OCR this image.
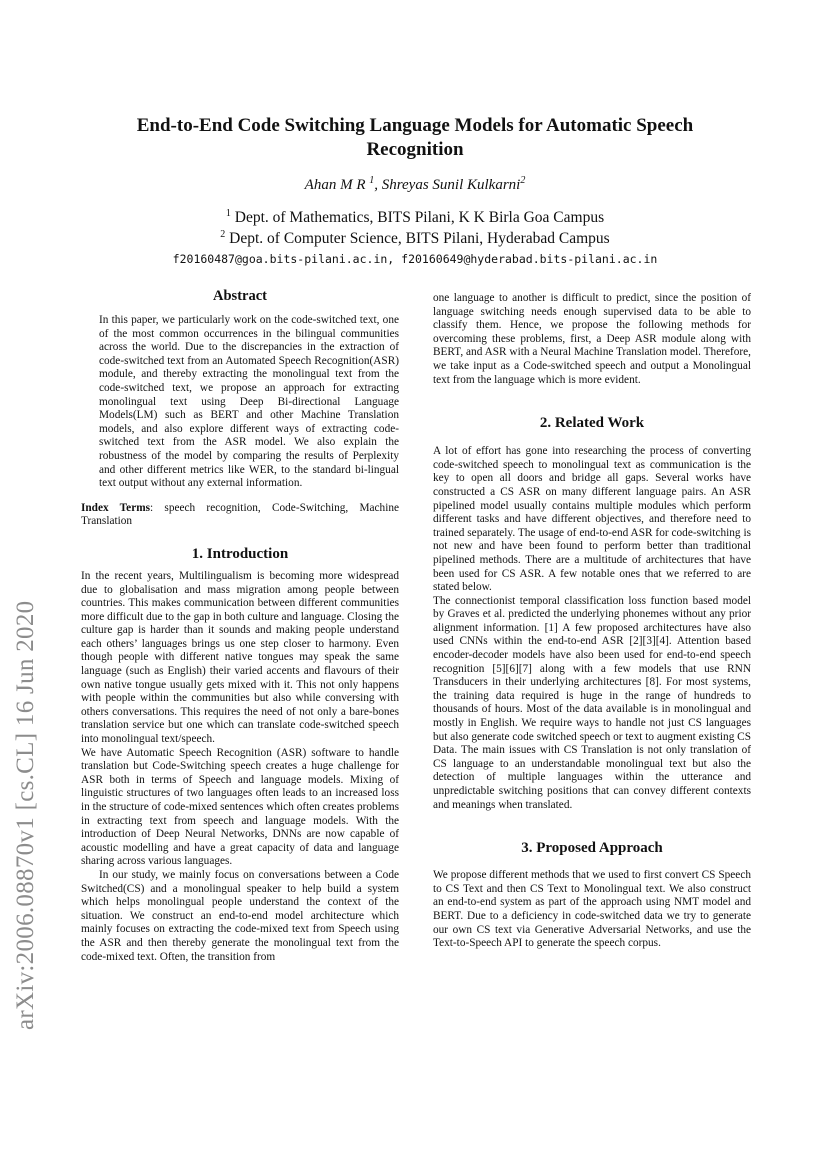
arXiv:2006.08870v1 [cs.CL] 16 Jun 2020
End-to-End Code Switching Language Models for Automatic Speech Recognition
Ahan M R $^1$, Shreyas Sunil Kulkarni$^2$
$^1$ Dept. of Mathematics, BITS Pilani, K K Birla Goa Campus
$^2$ Dept. of Computer Science, BITS Pilani, Hyderabad Campus
f20160487@goa.bits-pilani.ac.in, f20160649@hyderabad.bits-pilani.ac.in
Abstract

In this paper, we particularly work on the code-switched text, one of the most common occurrences in the bilingual communities across the world. Due to the discrepancies in the extraction of code-switched text from an Automated Speech Recognition(ASR) module, and thereby extracting the monolingual text from the code-switched text, we propose an approach for extracting monolingual text using Deep Bi-directional Language Models(LM) such as BERT and other Machine Translation models, and also explore different ways of extracting code-switched text from the ASR model. We also explain the robustness of the model by comparing the results of Perplexity and other different metrics like WER, to the standard bi-lingual text output without any external information.

Index Terms: speech recognition, Code-Switching, Machine Translation

1. Introduction

In the recent years, Multilingualism is becoming more widespread due to globalisation and mass migration among people between countries. This makes communication between different communities more difficult due to the gap in both culture and language. Closing the culture gap is harder than it sounds and making people understand each others’ languages brings us one step closer to harmony. Even though people with different native tongues may speak the same language (such as English) their varied accents and flavours of their own native tongue usually gets mixed with it. This not only happens with people within the communities but also while conversing with others conversations. This requires the need of not only a bare-bones translation service but one which can translate code-switched speech into monolingual text/speech.

We have Automatic Speech Recognition (ASR) software to handle translation but Code-Switching speech creates a huge challenge for ASR both in terms of Speech and language models. Mixing of linguistic structures of two languages often leads to an increased loss in the structure of code-mixed sentences which often creates problems in extracting text from speech and language models. With the introduction of Deep Neural Networks, DNNs are now capable of acoustic modelling and have a great capacity of data and language sharing across various languages.

In our study, we mainly focus on conversations between a Code Switched(CS) and a monolingual speaker to help build a system which helps monolingual people understand the context of the situation. We construct an end-to-end model architecture which mainly focuses on extracting the code-mixed text from Speech using the ASR and then thereby generate the monolingual text from the code-mixed text. Often, the transition from

one language to another is difficult to predict, since the position of language switching needs enough supervised data to be able to classify them. Hence, we propose the following methods for overcoming these problems, first, a Deep ASR module along with BERT, and ASR with a Neural Machine Translation model. Therefore, we take input as a Code-switched speech and output a Monolingual text from the language which is more evident.

2. Related Work

A lot of effort has gone into researching the process of converting code-switched speech to monolingual text as communication is the key to open all doors and bridge all gaps. Several works have constructed a CS ASR on many different language pairs. An ASR pipelined model usually contains multiple modules which perform different tasks and have different objectives, and therefore need to trained separately. The usage of end-to-end ASR for code-switching is not new and have been found to perform better than traditional pipelined methods. There are a multitude of architectures that have been used for CS ASR. A few notable ones that we referred to are stated below.

The connectionist temporal classification loss function based model by Graves et al. predicted the underlying phonemes without any prior alignment information. [1] A few proposed architectures have also used CNNs within the end-to-end ASR [2][3][4]. Attention based encoder-decoder models have also been used for end-to-end speech recognition [5][6][7] along with a few models that use RNN Transducers in their underlying architectures [8]. For most systems, the training data required is huge in the range of hundreds to thousands of hours. Most of the data available is in monolingual and mostly in English. We require ways to handle not just CS languages but also generate code switched speech or text to augment existing CS Data. The main issues with CS Translation is not only translation of CS language to an understandable monolingual text but also the detection of multiple languages within the utterance and unpredictable switching positions that can convey different contexts and meanings when translated.

3. Proposed Approach

We propose different methods that we used to first convert CS Speech to CS Text and then CS Text to Monolingual text. We also construct an end-to-end system as part of the approach using NMT model and BERT. Due to a deficiency in code-switched data we try to generate our own CS text via Generative Adversarial Networks, and use the Text-to-Speech API to generate the speech corpus.
